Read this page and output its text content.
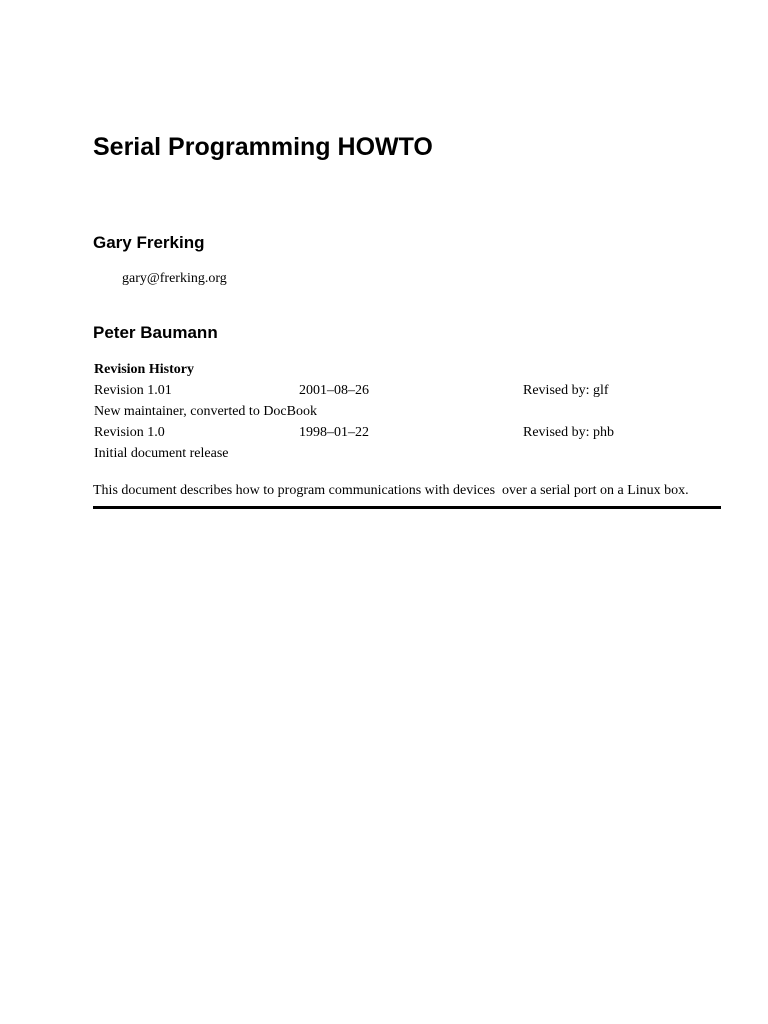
Serial Programming HOWTO
Gary Frerking
gary@frerking.org
Peter Baumann
Revision History
Revision 1.01	2001–08–26	Revised by: glf
New maintainer, converted to DocBook
Revision 1.0	1998–01–22	Revised by: phb
Initial document release
This document describes how to program communications with devices  over a serial port on a Linux box.
